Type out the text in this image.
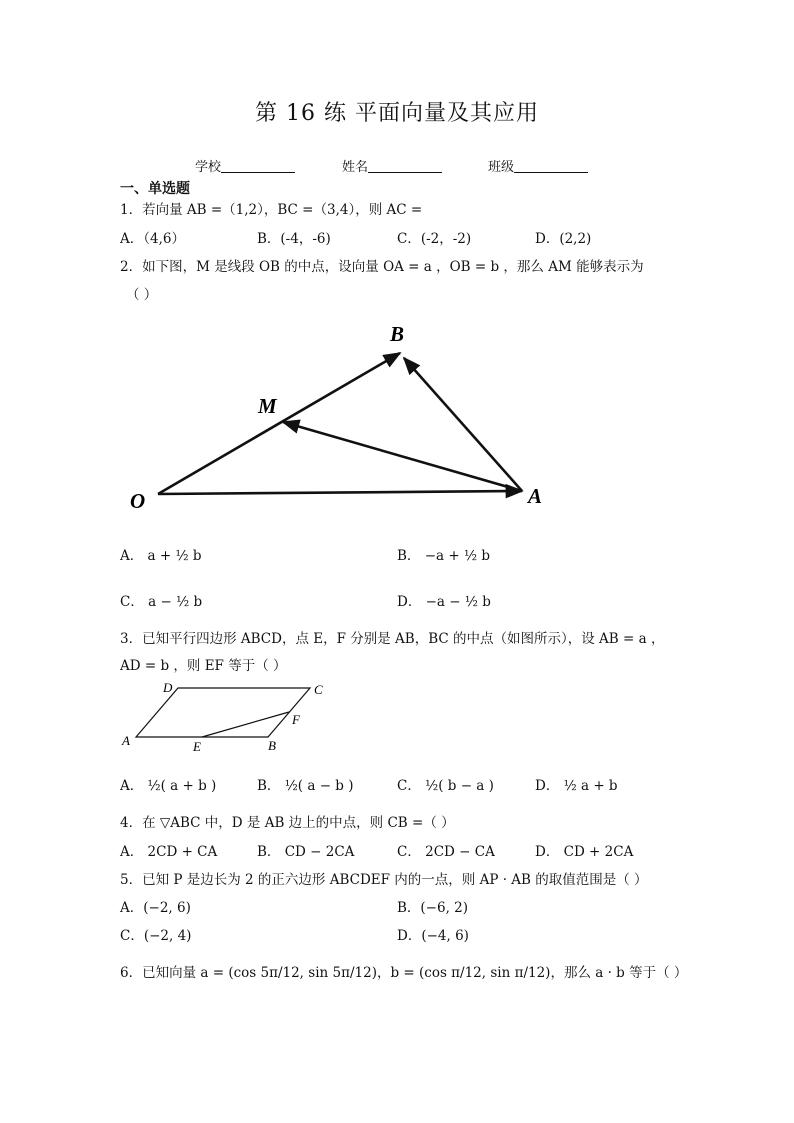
第 16 练 平面向量及其应用
学校	姓名	班级
一、单选题
1．若向量 AB =（1,2），BC =（3,4），则 AC =
A．（4,6）	B．(-4，-6)	C．(-2，-2)	D．(2,2)
2．如下图，M 是线段 OB 的中点，设向量 OA = a ，OB = b ，那么 AM 能够表示为
（ ）
B
M
O	A
A． a + ½ b	B． −a + ½ b
C． a − ½ b	D． −a − ½ b
3．已知平行四边形 ABCD，点 E，F 分别是 AB，BC 的中点（如图所示），设 AB = a ，
AD = b ，则 EF 等于（ ）
A	B
C
D
E
F
A． ½( a + b )	B． ½( a − b )	C． ½( b − a )	D． ½ a + b
4．在 ▽ABC 中，D 是 AB 边上的中点，则 CB =（ ）
A． 2CD + CA	B． CD − 2CA	C． 2CD − CA	D． CD + 2CA
5．已知 P 是边长为 2 的正六边形 ABCDEF 内的一点，则 AP · AB 的取值范围是（ ）
A．(−2, 6)	B．(−6, 2)
C．(−2, 4)	D．(−4, 6)
6．已知向量 a = (cos 5π/12, sin 5π/12)，b = (cos π/12, sin π/12)，那么 a · b 等于（ ）
